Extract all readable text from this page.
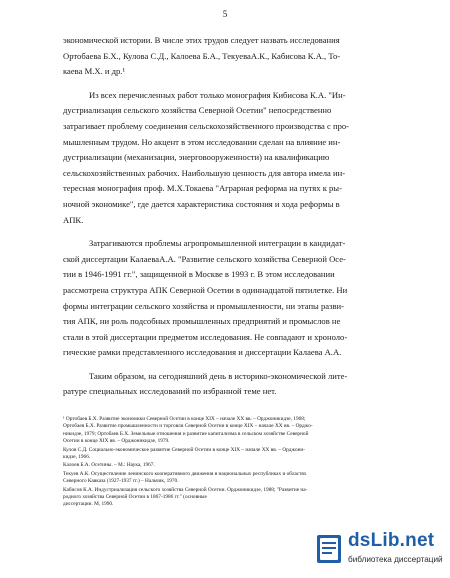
5

экономической истории. В числе этих трудов следует назвать исследования
Ортобаева Б.Х., Кулова С.Д., Калоева Б.А., ТекуеваА.К., Кабисова К.А., То-
каева М.Х. и др.¹

Из всех перечисленных работ только монография Кибисова К.А. "Ин-
дустриализация сельского хозяйства Северной Осетии" непосредственно
затрагивает проблему соединения сельскохозяйственного производства с про-
мышленным трудом. Но акцент в этом исследовании сделан на влияние ин-
дустриализации (механизации, энерговооруженности) на квалификацию
сельскохозяйственных рабочих. Наибольшую ценность для автора имела ин-
тересная монография проф. М.Х.Токаева "Аграрная реформа на путях к ры-
ночной экономике", где дается характеристика состояния и хода реформы в
АПК.

Затрагиваются проблемы агропромышленной интеграции в кандидат-
ской диссертации КалаеваА.А. "Развитие сельского хозяйства Северной Осе-
тии в 1946-1991 гг.", защищенной в Москве в 1993 г. В этом исследовании
рассмотрена структура АПК Северной Осетии в одиннадцатой пятилетке. Ни
формы интеграции сельского хозяйства и промышленности, ни этапы разви-
тия АПК, ни роль подсобных промышленных предприятий и промыслов не
стали в этой диссертации предметом исследования. Не совпадают и хроноло-
гические рамки представленного исследования и диссертации Калаева А.А.

Таким образом, на сегодняшний день в историко-экономической лите-
ратуре специальных исследований по избранной теме нет.

¹ Ортобаев Б.Х. Развитие экономики Северной Осетии в конце XIX – начале XX вв. – Орджоникидзе, 1968;
Ортобаев Б.Х. Развитие промышленности и торговли Северной Осетии в конце XIX – начале XX вв. – Орджо-
никидзе, 1979; Ортобаев Б.Х. Земельные отношения и развитие капитализма в сельском хозяйстве Северной
Осетии в конце XIX вв. – Орджоникидзе, 1979.

Кулов С.Д. Социально-экономическое развитие Северной Осетии в конце XIX – начале XX вв. – Орджони-
кидзе, 1966.

Калоев Б.А. Осетины. – М.: Наука, 1967.

Текуев А.К. Осуществление ленинского кооперативного движения в национальных республиках и областях
Северного Кавказа (1927-1937 гг.) – Нальчик, 1970.

Кабисов К.А. Индустриализация сельского хозяйства Северной Осетии. Орджоникидзе, 1988; "Развитие на-
родного хозяйства Северной Осетии в 1867-1986 гг." (основные
диссертации. М, 1990.

dsLib.net
библиотека диссертаций
